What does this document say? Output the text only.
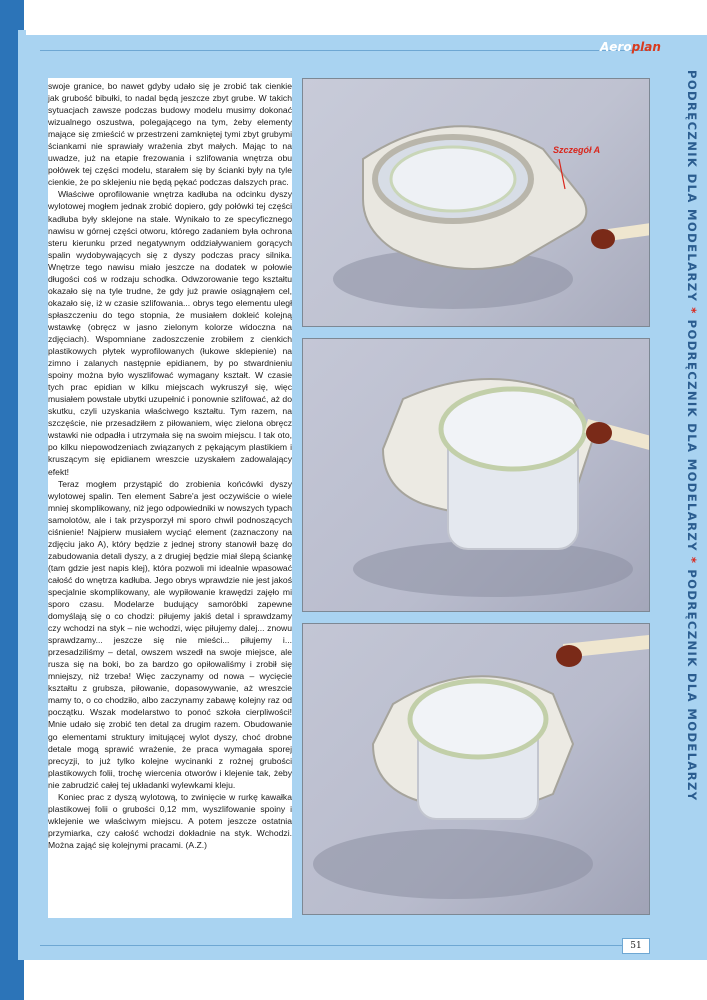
Aeroplan

swoje granice, bo nawet gdyby udało się je zrobić tak cienkie jak grubość bibułki, to nadal będą jeszcze zbyt grube. W takich sytuacjach zawsze podczas budowy modelu musimy dokonać wizualnego oszustwa, polegającego na tym, żeby elementy mające się zmieścić w przestrzeni zamkniętej tymi zbyt grubymi ściankami nie sprawiały wrażenia zbyt małych. Mając to na uwadze, już na etapie frezowania i szlifowania wnętrza obu połówek tej części modelu, starałem się by ścianki były na tyle cienkie, że po sklejeniu nie będą pękać podczas dalszych prac.

Właściwe oprofilowanie wnętrza kadłuba na odcinku dyszy wylotowej mogłem jednak zrobić dopiero, gdy połówki tej części kadłuba były sklejone na stałe. Wynikało to ze specyficznego nawisu w górnej części otworu, którego zadaniem była ochrona steru kierunku przed negatywnym oddziaływaniem gorących spalin wydobywających się z dyszy podczas pracy silnika. Wnętrze tego nawisu miało jeszcze na dodatek w połowie długości coś w rodzaju schodka. Odwzorowanie tego kształtu okazało się na tyle trudne, że gdy już prawie osiągnąłem cel, okazało się, iż w czasie szlifowania... obrys tego elementu uległ spłaszczeniu do tego stopnia, że musiałem dokleić kolejną wstawkę (obręcz w jasno zielonym kolorze widoczna na zdjęciach). Wspomniane zadoszczenie zrobiłem z cienkich plastikowych płytek wyprofilowanych (łukowe sklepienie) na zimno i zalanych następnie epidianem, by po stwardnieniu spoiny można było wyszlifować wymagany kształt. W czasie tych prac epidian w kilku miejscach wykruszył się, więc musiałem powstałe ubytki uzupełnić i ponownie szlifować, aż do skutku, czyli uzyskania właściwego kształtu. Tym razem, na szczęście, nie przesadziłem z piłowaniem, więc zielona obręcz wstawki nie odpadła i utrzymała się na swoim miejscu. I tak oto, po kilku niepowodzeniach związanych z pękającym plastikiem i kruszącym się epidianem wreszcie uzyskałem zadowalający efekt!

Teraz mogłem przystąpić do zrobienia końcówki dyszy wylotowej spalin. Ten element Sabre'a jest oczywiście o wiele mniej skomplikowany, niż jego odpowiedniki w nowszych typach samolotów, ale i tak przysporzył mi sporo chwil podnoszących ciśnienie! Najpierw musiałem wyciąć element (zaznaczony na zdjęciu jako A), który będzie z jednej strony stanowił bazę do zabudowania detali dyszy, a z drugiej będzie miał ślepą ściankę (tam gdzie jest napis klej), która pozwoli mi idealnie wpasować całość do wnętrza kadłuba. Jego obrys wprawdzie nie jest jakoś specjalnie skomplikowany, ale wypiłowanie krawędzi zajęło mi sporo czasu. Modelarze budujący samoróbki zapewne domyślają się o co chodzi: piłujemy jakiś detal i sprawdzamy czy wchodzi na styk – nie wchodzi, więc piłujemy dalej... znowu sprawdzamy... jeszcze się nie mieści... piłujemy i... przesadziliśmy – detal, owszem wszedł na swoje miejsce, ale rusza się na boki, bo za bardzo go opiłowaliśmy i zrobił się mniejszy, niż trzeba! Więc zaczynamy od nowa – wycięcie kształtu z grubsza, piłowanie, dopasowywanie, aż wreszcie mamy to, o co chodziło, albo zaczynamy zabawę kolejny raz od początku. Wszak modelarstwo to ponoć szkoła cierpliwości! Mnie udało się zrobić ten detal za drugim razem. Obudowanie go elementami struktury imitującej wylot dyszy, choć drobne detale mogą sprawić wrażenie, że praca wymagała sporej precyzji, to już tylko kolejne wycinanki z rożnej grubości plastikowych folii, trochę wiercenia otworów i klejenie tak, żeby nie zabrudzić całej tej układanki wylewkami kleju.

Koniec prac z dyszą wylotową, to zwinięcie w rurkę kawałka plastikowej folii o grubości 0,12 mm, wyszlifowanie spoiny i wklejenie we właściwym miejscu. A potem jeszcze ostatnia przymiarka, czy całość wchodzi dokładnie na styk. Wchodzi. Można zająć się kolejnymi pracami. (A.Z.)

Szczegół A	PODRĘCZNIK DLA MODELARZY*PODRĘCZNIK DLA MODELARZY*PODRĘCZNIK DLA MODELARZY
51
